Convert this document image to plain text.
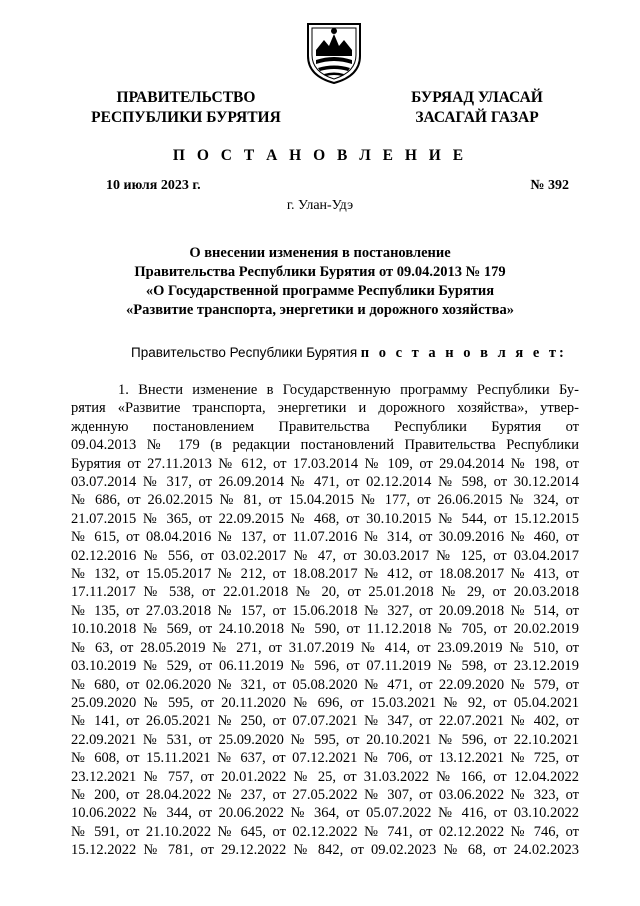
ПРАВИТЕЛЬСТВО
РЕСПУБЛИКИ БУРЯТИЯ
БУРЯАД УЛАСАЙ
ЗАСАГАЙ ГАЗАР
П О С Т А Н О В Л Е Н И Е
10 июля 2023 г.	№ 392
г. Улан-Удэ
О внесении изменения в постановление
Правительства Республики Бурятия от 09.04.2013 № 179
«О Государственной программе Республики Бурятия
«Развитие транспорта, энергетики и дорожного хозяйства»
Правительство Республики Бурятия п о с т а н о в л я е т:
1. Внести изменение в Государственную программу Республики Бу-
рятия «Развитие транспорта, энергетики и дорожного хозяйства», утвер-
жденную постановлением Правительства Республики Бурятия от
09.04.2013 № 179 (в редакции постановлений Правительства Республики
Бурятия от 27.11.2013 № 612, от 17.03.2014 № 109, от 29.04.2014 № 198, от
03.07.2014 № 317, от 26.09.2014 № 471, от 02.12.2014 № 598, от 30.12.2014
№ 686, от 26.02.2015 № 81, от 15.04.2015 № 177, от 26.06.2015 № 324, от
21.07.2015 № 365, от 22.09.2015 № 468, от 30.10.2015 № 544, от 15.12.2015
№ 615, от 08.04.2016 № 137, от 11.07.2016 № 314, от 30.09.2016 № 460, от
02.12.2016 № 556, от 03.02.2017 № 47, от 30.03.2017 № 125, от 03.04.2017
№ 132, от 15.05.2017 № 212, от 18.08.2017 № 412, от 18.08.2017 № 413, от
17.11.2017 № 538, от 22.01.2018 № 20, от 25.01.2018 № 29, от 20.03.2018
№ 135, от 27.03.2018 № 157, от 15.06.2018 № 327, от 20.09.2018 № 514, от
10.10.2018 № 569, от 24.10.2018 № 590, от 11.12.2018 № 705, от 20.02.2019
№ 63, от 28.05.2019 № 271, от 31.07.2019 № 414, от 23.09.2019 № 510, от
03.10.2019 № 529, от 06.11.2019 № 596, от 07.11.2019 № 598, от 23.12.2019
№ 680, от 02.06.2020 № 321, от 05.08.2020 № 471, от 22.09.2020 № 579, от
25.09.2020 № 595, от 20.11.2020 № 696, от 15.03.2021 № 92, от 05.04.2021
№ 141, от 26.05.2021 № 250, от 07.07.2021 № 347, от 22.07.2021 № 402, от
22.09.2021 № 531, от 25.09.2020 № 595, от 20.10.2021 № 596, от 22.10.2021
№ 608, от 15.11.2021 № 637, от 07.12.2021 № 706, от 13.12.2021 № 725, от
23.12.2021 № 757, от 20.01.2022 № 25, от 31.03.2022 № 166, от 12.04.2022
№ 200, от 28.04.2022 № 237, от 27.05.2022 № 307, от 03.06.2022 № 323, от
10.06.2022 № 344, от 20.06.2022 № 364, от 05.07.2022 № 416, от 03.10.2022
№ 591, от 21.10.2022 № 645, от 02.12.2022 № 741, от 02.12.2022 № 746, от
15.12.2022 № 781, от 29.12.2022 № 842, от 09.02.2023 № 68, от 24.02.2023
